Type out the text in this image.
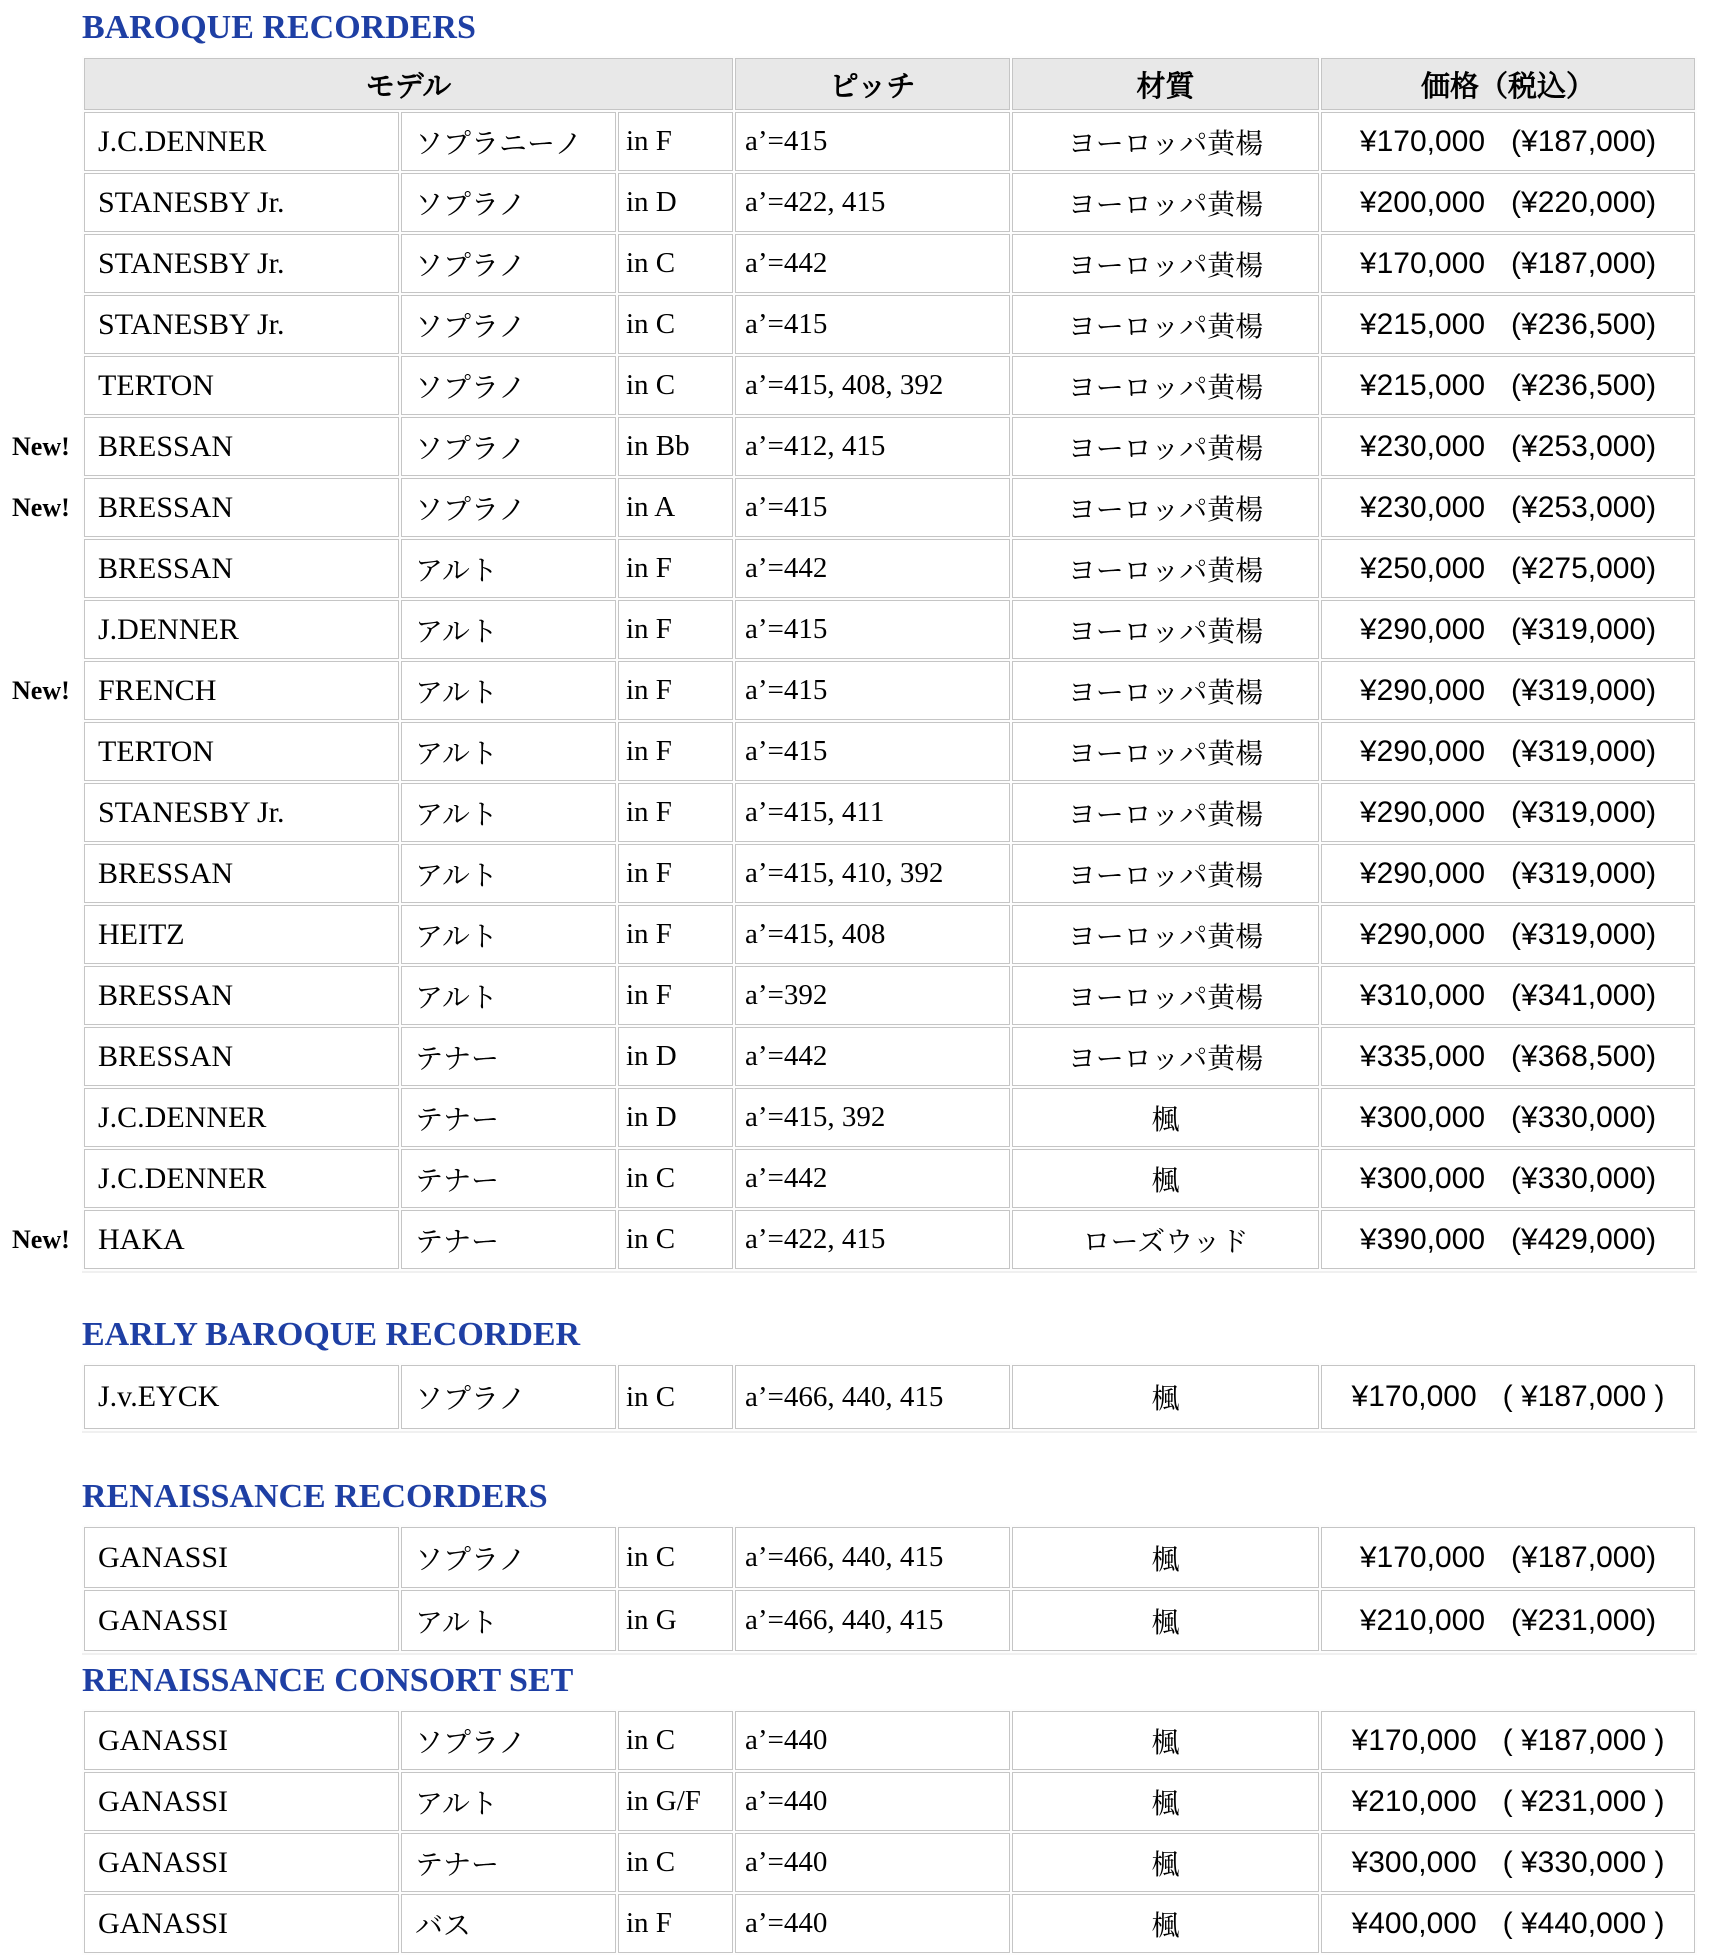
BAROQUE RECORDERS
モデル			ピッチ	材質	価格（税込）
J.C.DENNER	ソプラニーノ	in F	a’=415	ヨーロッパ黄楊	¥170,000 (¥187,000)

STANESBY Jr.	ソプラノ	in D	a’=422, 415	ヨーロッパ黄楊	¥200,000 (¥220,000)

STANESBY Jr.	ソプラノ	in C	a’=442	ヨーロッパ黄楊	¥170,000 (¥187,000)

STANESBY Jr.	ソプラノ	in C	a’=415	ヨーロッパ黄楊	¥215,000 (¥236,500)

TERTON	ソプラノ	in C	a’=415, 408, 392	ヨーロッパ黄楊	¥215,000 (¥236,500)

BRESSAN	ソプラノ	in Bb	a’=412, 415	ヨーロッパ黄楊	¥230,000 (¥253,000)

BRESSAN	ソプラノ	in A	a’=415	ヨーロッパ黄楊	¥230,000 (¥253,000)

BRESSAN	アルト	in F	a’=442	ヨーロッパ黄楊	¥250,000 (¥275,000)

J.DENNER	アルト	in F	a’=415	ヨーロッパ黄楊	¥290,000 (¥319,000)

FRENCH	アルト	in F	a’=415	ヨーロッパ黄楊	¥290,000 (¥319,000)

TERTON	アルト	in F	a’=415	ヨーロッパ黄楊	¥290,000 (¥319,000)

STANESBY Jr.	アルト	in F	a’=415, 411	ヨーロッパ黄楊	¥290,000 (¥319,000)

BRESSAN	アルト	in F	a’=415, 410, 392	ヨーロッパ黄楊	¥290,000 (¥319,000)

HEITZ	アルト	in F	a’=415, 408	ヨーロッパ黄楊	¥290,000 (¥319,000)

BRESSAN	アルト	in F	a’=392	ヨーロッパ黄楊	¥310,000 (¥341,000)

BRESSAN	テナー	in D	a’=442	ヨーロッパ黄楊	¥335,000 (¥368,500)

J.C.DENNER	テナー	in D	a’=415, 392	楓	¥300,000 (¥330,000)

J.C.DENNER	テナー	in C	a’=442	楓	¥300,000 (¥330,000)

HAKA	テナー	in C	a’=422, 415	ローズウッド	¥390,000 (¥429,000)
New!
New!
New!
New!
EARLY BAROQUE RECORDER
J.v.EYCK	ソプラノ	in C	a’=466, 440, 415	楓	¥170,000 ( ¥187,000 )
RENAISSANCE RECORDERS
GANASSI	ソプラノ	in C	a’=466, 440, 415	楓	¥170,000 (¥187,000)

GANASSI	アルト	in G	a’=466, 440, 415	楓	¥210,000 (¥231,000)
RENAISSANCE CONSORT SET
GANASSI	ソプラノ	in C	a’=440	楓	¥170,000 ( ¥187,000 )

GANASSI	アルト	in G/F	a’=440	楓	¥210,000 ( ¥231,000 )

GANASSI	テナー	in C	a’=440	楓	¥300,000 ( ¥330,000 )

GANASSI	バス	in F	a’=440	楓	¥400,000 ( ¥440,000 )
